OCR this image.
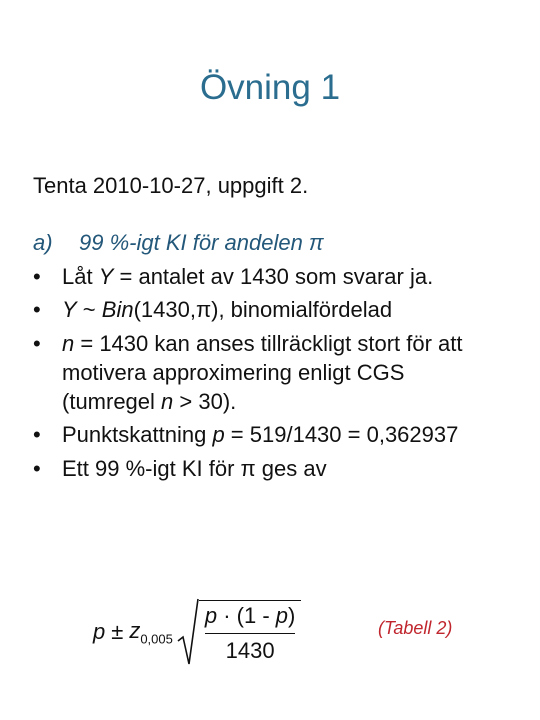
Övning 1
Tenta 2010-10-27, uppgift 2.
a) 99 %-igt KI för andelen π
• Låt Y = antalet av 1430 som svarar ja.
• Y ~ Bin(1430,π), binomialfördelad
• n = 1430 kan anses tillräckligt stort för att motivera approximering enligt CGS (tumregel n > 30).
• Punktskattning p = 519/1430 = 0,362937
• Ett 99 %-igt KI för π ges av
$p \pm z_{0,005} \frac{p \cdot (1 - p)}{1430}$	(Tabell 2)
